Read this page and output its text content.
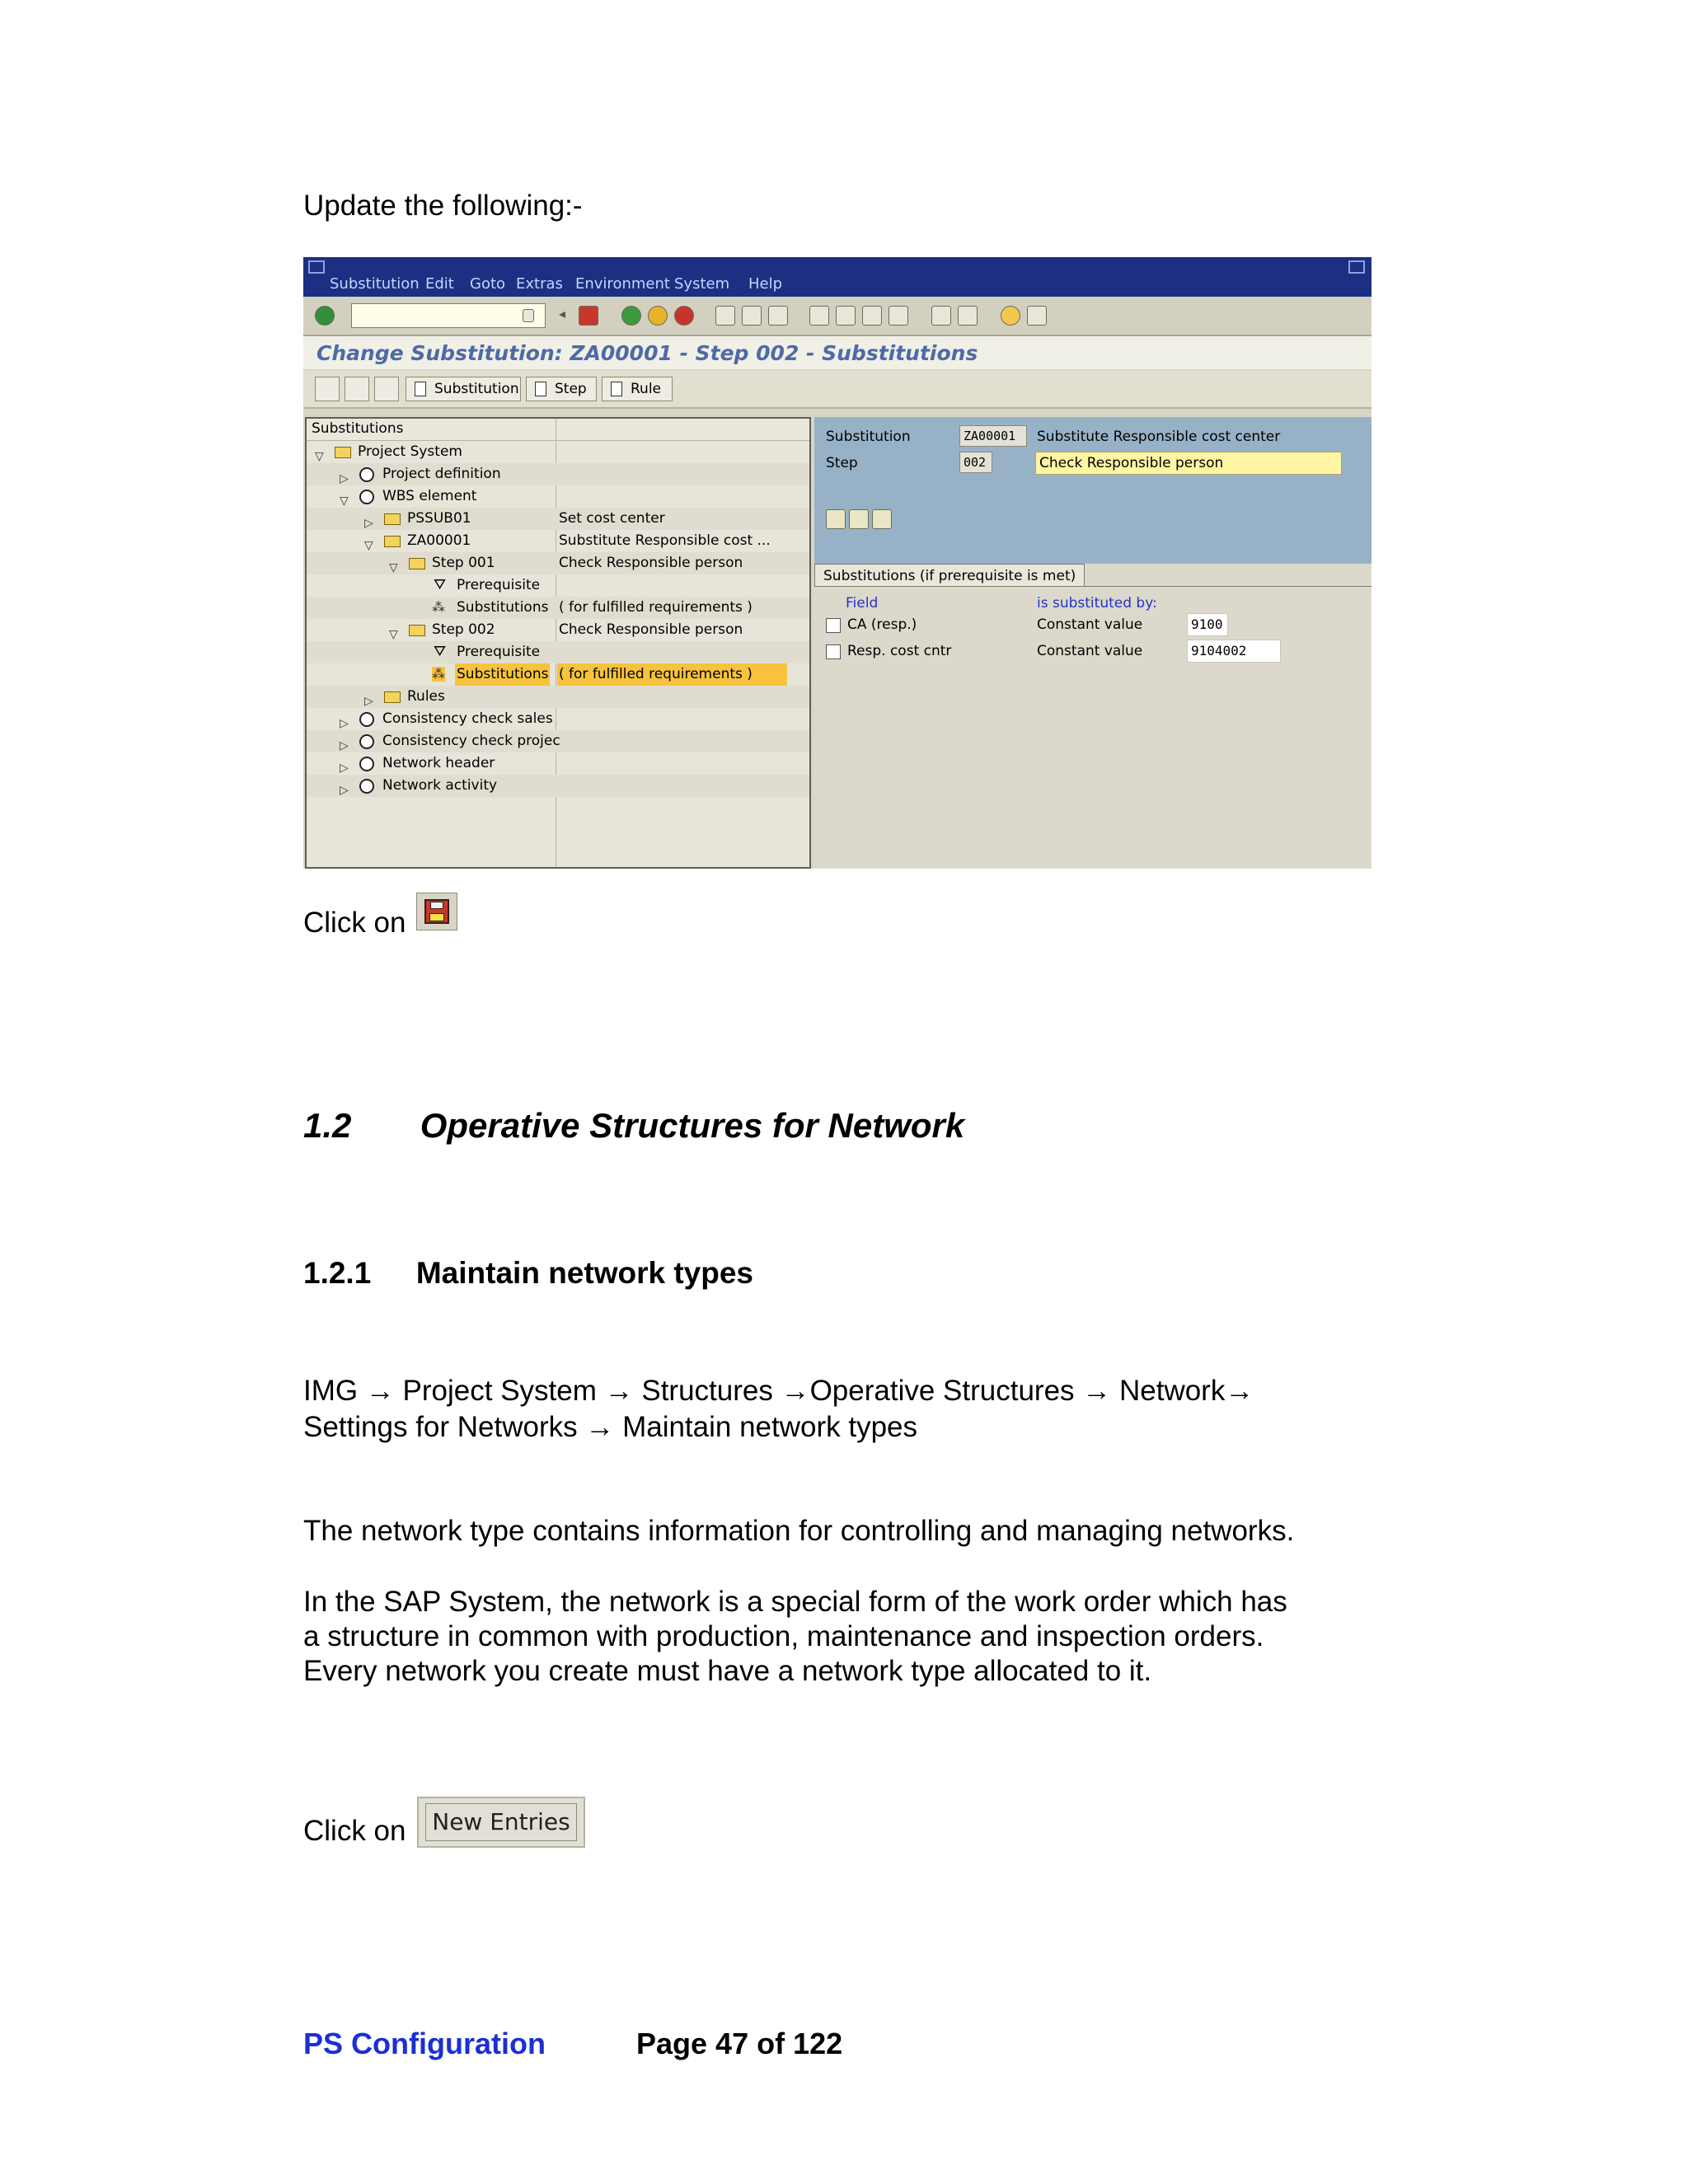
Update the following:-
Substitution Edit Goto Extras Environment System Help
◂
Change Substitution: ZA00001 - Step 002 - Substitutions
Substitution	Step	Rule
Substitutions
▽ Project System
▷ Project definition
▽ WBS element
▷ PSSUB01	Set cost center
▽ ZA00001	Substitute Responsible cost ...
▽ Step 001	Check Responsible person
⛛ Prerequisite
⁂ Substitutions ( for fulfilled requirements )
▽ Step 002	Check Responsible person
⛛ Prerequisite
⁂ Substitutions ( for fulfilled requirements )
▷ Rules
▷ Consistency check sales
▷ Consistency check projec
▷ Network header
▷ Network activity
Substitution	ZA00001	Substitute Responsible cost center
Step	002	Check Responsible person
Substitutions (if prerequisite is met)
Field	is substituted by:
CA (resp.)	Constant value	9100
Resp. cost cntr	Constant value	9104002
Click on
1.2 Operative Structures for Network
1.2.1 Maintain network types
IMG → Project System → Structures →Operative Structures → Network→
Settings for Networks → Maintain network types
The network type contains information for controlling and managing networks.
In the SAP System, the network is a special form of the work order which has
a structure in common with production, maintenance and inspection orders.
Every network you create must have a network type allocated to it.
Click on New Entries
PS Configuration	Page 47 of 122
